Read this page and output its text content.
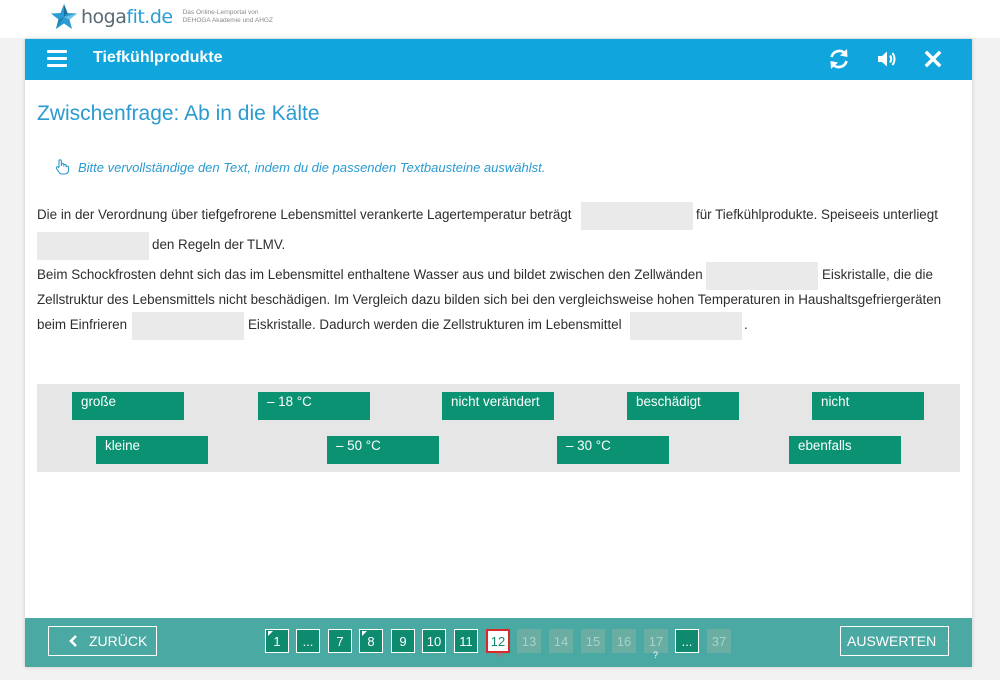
hogafit.de Das Online-Lernportal von
DEHOGA Akademie und AHGZ
Tiefkühlprodukte
Zwischenfrage: Ab in die Kälte
Bitte vervollständige den Text, indem du die passenden Textbausteine auswählst.
Die in der Verordnung über tiefgefrorene Lebensmittel verankerte Lagertemperatur beträgt	für Tiefkühlprodukte. Speiseeis unterliegt
den Regeln der TLMV.
Beim Schockfrosten dehnt sich das im Lebensmittel enthaltene Wasser aus und bildet zwischen den Zellwänden	Eiskristalle, die die
Zellstruktur des Lebensmittels nicht beschädigen. Im Vergleich dazu bilden sich bei den vergleichsweise hohen Temperaturen in Haushaltsgefriergeräten
beim Einfrieren	Eiskristalle. Dadurch werden die Zellstrukturen im Lebensmittel	.
große	– 18 °C	nicht verändert	beschädigt	nicht
kleine	– 50 °C	– 30 °C	ebenfalls
ZURÜCK	1 ... 7 8 9 10 11 12 13 14 15 16 17
?
... 37	AUSWERTEN
